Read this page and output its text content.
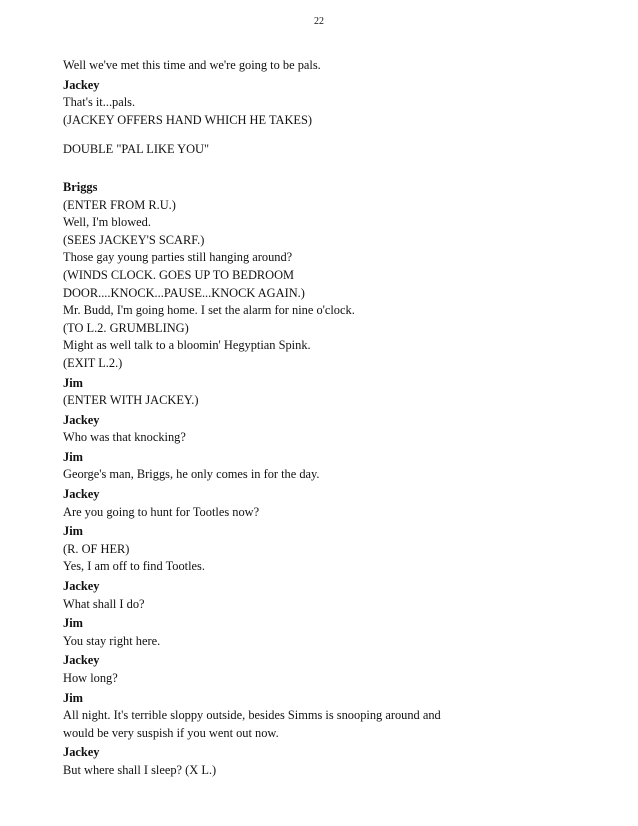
22
Well we've met this time and we're going to be pals.
Jackey
That's it...pals.
(JACKEY OFFERS HAND WHICH HE TAKES)
DOUBLE "PAL LIKE YOU"
Briggs
(ENTER FROM R.U.)
Well, I'm blowed.
(SEES JACKEY'S SCARF.)
Those gay young parties still hanging around?
(WINDS CLOCK. GOES UP TO BEDROOM
DOOR....KNOCK...PAUSE...KNOCK AGAIN.)
Mr. Budd, I'm going home. I set the alarm for nine o'clock.
(TO L.2. GRUMBLING)
Might as well talk to a bloomin' Hegyptian Spink.
(EXIT L.2.)
Jim
(ENTER WITH JACKEY.)
Jackey
Who was that knocking?
Jim
George's man, Briggs, he only comes in for the day.
Jackey
Are you going to hunt for Tootles now?
Jim
(R. OF HER)
Yes, I am off to find Tootles.
Jackey
What shall I do?
Jim
You stay right here.
Jackey
How long?
Jim
All night. It's terrible sloppy outside, besides Simms is snooping around and
would be very suspish if you went out now.
Jackey
But where shall I sleep? (X L.)
